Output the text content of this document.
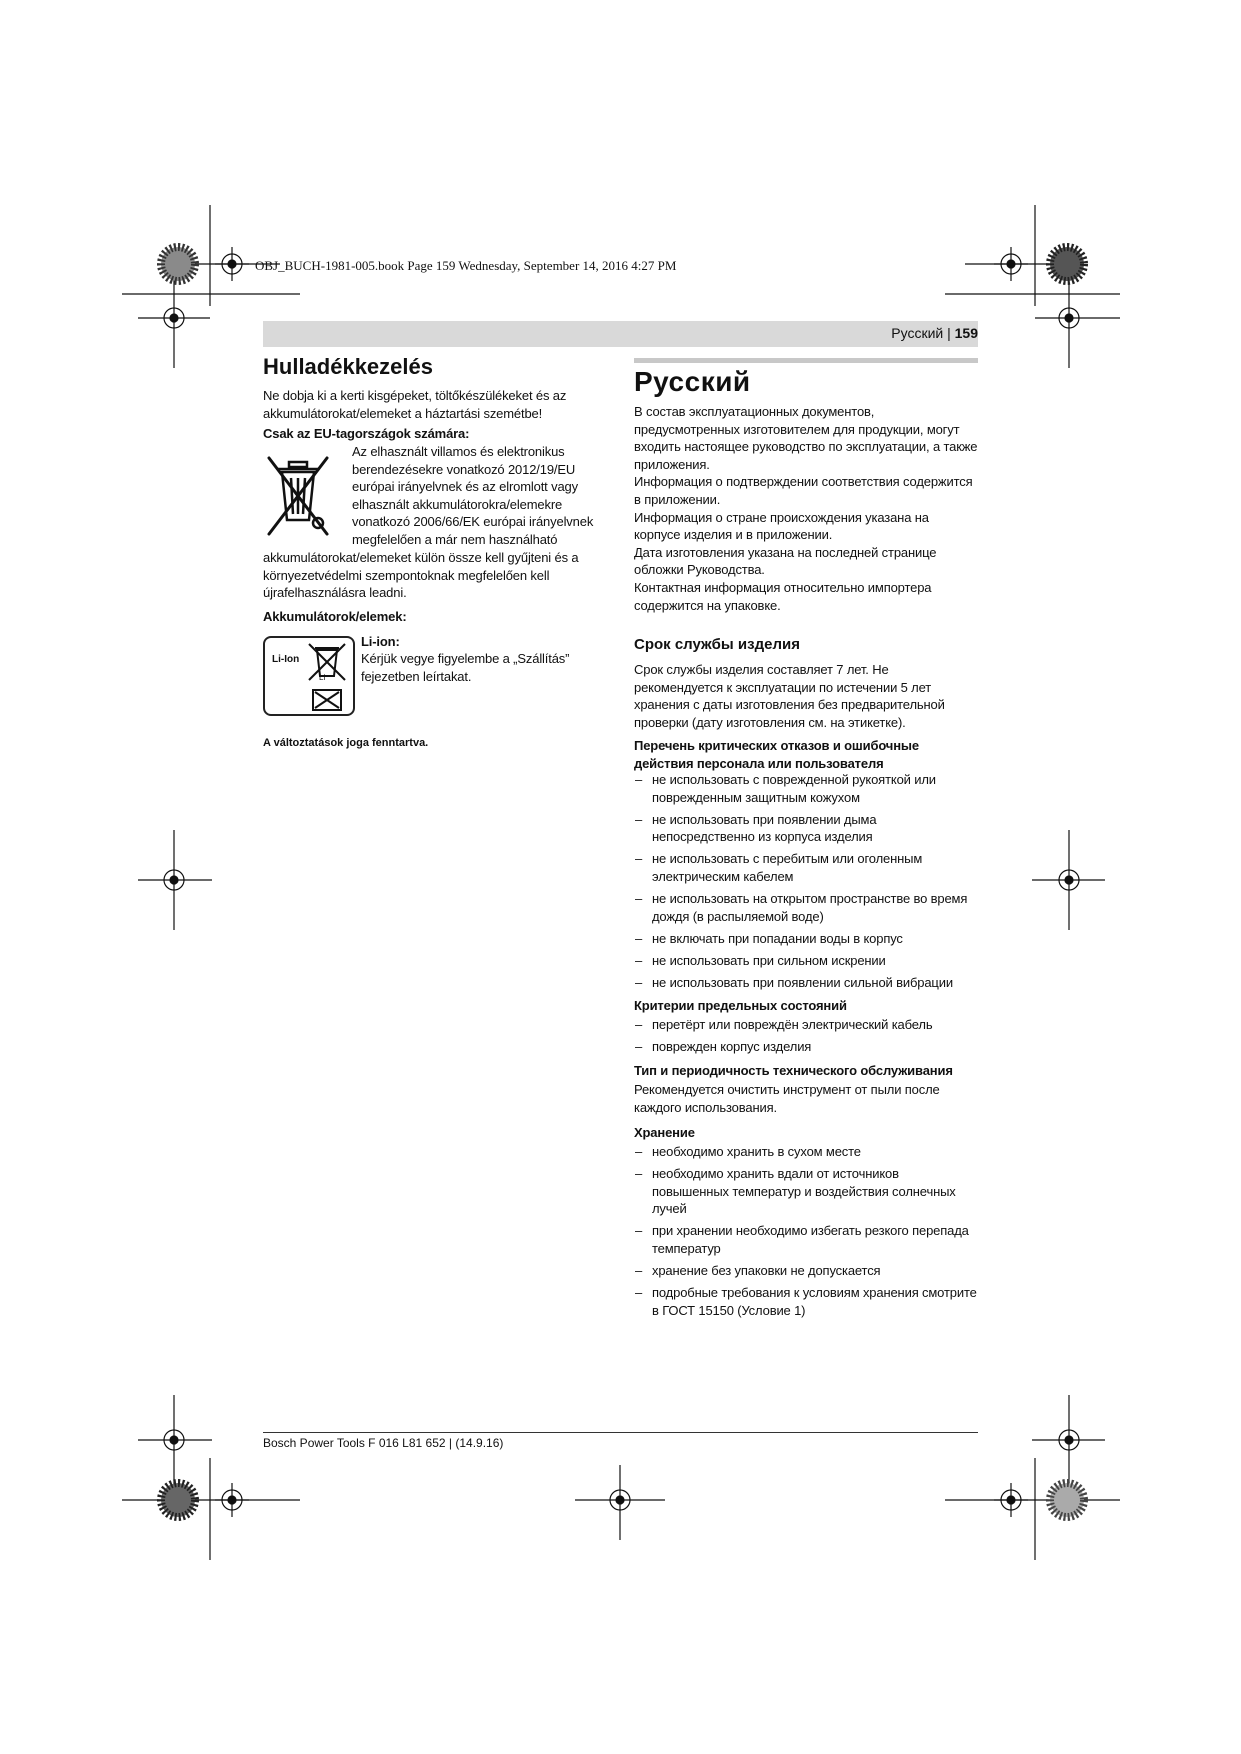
OBJ_BUCH-1981-005.book Page 159 Wednesday, September 14, 2016 4:27 PM
Русский | 159
Hulladékkezelés
Ne dobja ki a kerti kisgépeket, töltőkészülékeket és az akkumulátorokat/elemeket a háztartási szemétbe!
Csak az EU-tagországok számára:
Az elhasznált villamos és elektronikus berendezésekre vonatkozó 2012/19/EU európai irányelvnek és az elromlott vagy elhasznált akkumulátorokra/elemekre vonatkozó 2006/66/EK európai irányelvnek megfelelően a már nem használható
akkumulátorokat/elemeket külön össze kell gyűjteni és a környezetvédelmi szempontoknak megfelelően kell újrafelhasználásra leadni.
Akkumulátorok/elemek:
Li-Ion
Li
Li-ion:
Kérjük vegye figyelembe a „Szállítás” fejezetben leírtakat.
A változtatások joga fenntartva.
Русский

В состав эксплуатационных документов, предусмотренных изготовителем для продукции, могут входить настоящее руководство по эксплуатации, а также приложения.

Информация о подтверждении соответствия содержится в приложении.

Информация о стране происхождения указана на корпусе изделия и в приложении.

Дата изготовления указана на последней странице обложки Руководства.

Контактная информация относительно импортера содержится на упаковке.

Срок службы изделия
Срок службы изделия составляет 7 лет. Не рекомендуется к эксплуатации по истечении 5 лет хранения с даты изготовления без предварительной проверки (дату изготовления см. на этикетке).
Перечень критических отказов и ошибочные действия персонала или пользователя
– не использовать с поврежденной рукояткой или поврежденным защитным кожухом
– не использовать при появлении дыма непосредственно из корпуса изделия
– не использовать с перебитым или оголенным электрическим кабелем
– не использовать на открытом пространстве во время дождя (в распыляемой воде)
– не включать при попадании воды в корпус
– не использовать при сильном искрении
– не использовать при появлении сильной вибрации
Критерии предельных состояний
– перетёрт или повреждён электрический кабель
– поврежден корпус изделия
Тип и периодичность технического обслуживания
Рекомендуется очистить инструмент от пыли после каждого использования.
Хранение
– необходимо хранить в сухом месте
– необходимо хранить вдали от источников повышенных температур и воздействия солнечных лучей
– при хранении необходимо избегать резкого перепада температур
– хранение без упаковки не допускается
– подробные требования к условиям хранения смотрите в ГОСТ 15150 (Условие 1)
Bosch Power Tools F 016 L81 652 | (14.9.16)
